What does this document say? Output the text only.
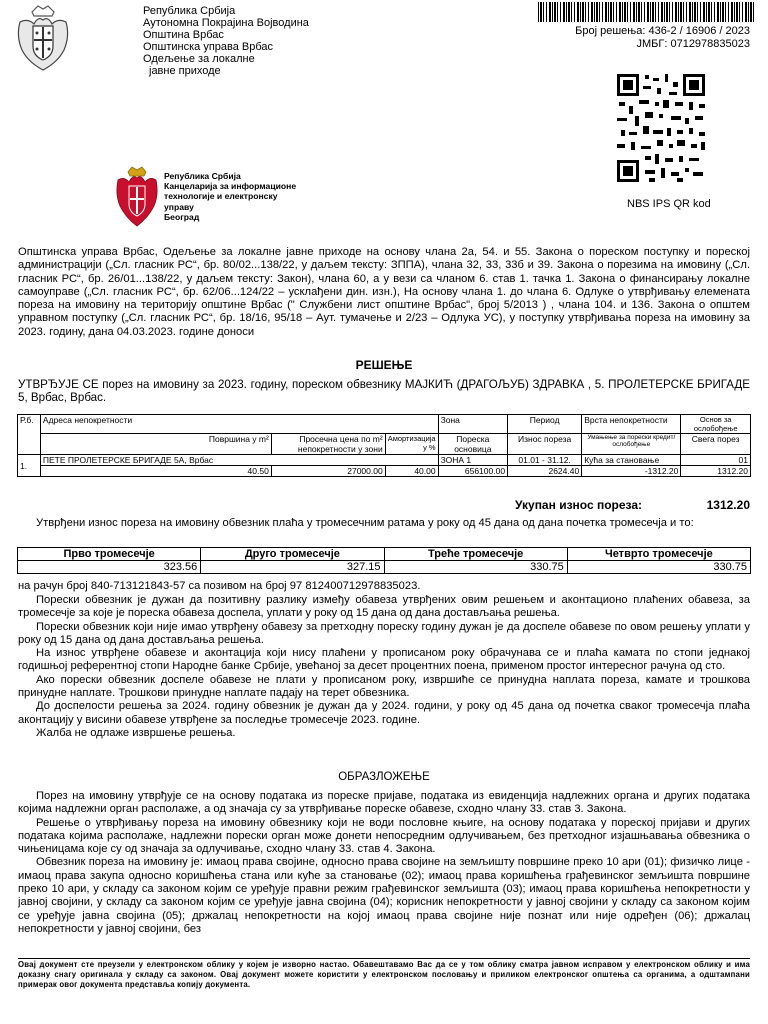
Република Србија
Аутономна Покрајина Војводина
Општина Врбас
Општинска управа Врбас
Одељење за локалне
јавне приходе
Број решења: 436-2 / 16906 / 2023
ЈМБГ: 0712978835023
NBS IPS QR kod
Република Србија
Канцеларија за информационе
технологије и електронску
управу
Београд
Општинска управа Врбас, Одељење за локалне јавне приходе на основу члана 2а, 54. и 55. Закона о пореском поступку и пореској администрацији („Сл. гласник РС“, бр. 80/02...138/22, у даљем тексту: ЗППА), члана 32, 33, 33б и 39. Закона о порезима на имовину („Сл. гласник РС“, бр. 26/01...138/22, у даљем тексту: Закон), члана 60, а у вези са чланом 6. став 1. тачка 1. Закона о финансирању локалне самоуправе („Сл. гласник РС“, бр. 62/06...124/22 – усклађени дин. изн.), На основу члана 1. до члана 6. Одлуке о утврђивању елемената пореза на имовину на територију општине Врбас (" Службени лист општине Врбас", број 5/2013 ) , члана 104. и 136. Закона о општем управном поступку („Сл. гласник РС“, бр. 18/16, 95/18 – Аут. тумачење и 2/23 – Одлука УС), у поступку утврђивања пореза на имовину за 2023. годину, дана 04.03.2023. године доноси
РЕШЕЊЕ
УТВРЂУЈЕ СЕ порез на имовину за 2023. годину, пореском обвезнику МАЈКИЋ (ДРАГОЉУБ) ЗДРАВКА , 5. ПРОЛЕТЕРСКЕ БРИГАДЕ 5, Врбас, Врбас.
Р.б.	Адреса непокретности			Зона	Период	Врста непокретности	Основ за ослобођење
	Површина у m²	Просечна цена по m² непокретности у зони	Амортизација у %	Пореска основица	Износ пореза	Умањење за порески кредит/ослобођење	Свега порез
1.	ПЕТЕ ПРОЛЕТЕРСКЕ БРИГАДЕ 5А, Врбас			ЗОНА 1	01.01 - 31.12.	Кућа за становање	01
	40.50	27000.00	40.00	656100.00	2624.40	-1312.20	1312.20
Укупан износ пореза:	1312.20
Утврђени износ пореза на имовину обвезник плаћа у тромесечним ратама у року од 45 дана од дана почетка тромесечја и то:
Прво тромесечје	Друго тромесечје	Треће тромесечје	Четврто тромесечје
323.56	327.15	330.75	330.75
на рачун број 840-713121843-57 са позивом на број 97 812400712978835023.
Порески обвезник је дужан да позитивну разлику између обавеза утврђених овим решењем и аконтационо плаћених обавеза, за тромесечје за које је пореска обавеза доспела, уплати у року од 15 дана од дана достављања решења.
Порески обвезник који није имао утврђену обавезу за претходну пореску годину дужан је да доспеле обавезе по овом решењу уплати у року од 15 дана од дана достављања решења.
На износ утврђене обавезе и аконтација који нису плаћени у прописаном року обрачунава се и плаћа камата по стопи једнакој годишњој референтној стопи Народне банке Србије, увећаној за десет процентних поена, применом простог интересног рачуна од сто.
Ако порески обвезник доспеле обавезе не плати у прописаном року, извршиће се принудна наплата пореза, камате и трошкова принудне наплате. Трошкови принудне наплате падају на терет обвезника.
До доспелости решења за 2024. годину обвезник је дужан да у 2024. години, у року од 45 дана од почетка сваког тромесечја плаћа аконтацију у висини обавезе утврђене за последње тромесечје 2023. године.
Жалба не одлаже извршење решења.
ОБРАЗЛОЖЕЊЕ
Порез на имовину утврђује се на основу података из пореске пријаве, података из евиденција надлежних органа и других података којима надлежни орган располаже, а од значаја су за утврђивање пореске обавезе, сходно члану 33. став 3. Закона.
Решење о утврђивању пореза на имовину обвезнику који не води пословне књиге, на основу података у пореској пријави и других података којима располаже, надлежни порески орган може донети непосредним одлучивањем, без претходног изјашњавања обвезника о чињеницама које су од значаја за одлучивање, сходно члану 33. став 4. Закона.
Обвезник пореза на имовину је: имаоц права својине, односно права својине на земљишту површине преко 10 ари (01); физичко лице - имаоц права закупа односно коришћења стана или куће за становање (02); имаоц права коришћења грађевинског земљишта површине преко 10 ари, у складу са законом којим се уређује правни режим грађевинског земљишта (03); имаоц права коришћења непокретности у јавној својини, у складу са законом којим се уређује јавна својина (04); корисник непокретности у јавној својини у складу са законом којим се уређује јавна својина (05); држалац непокретности на којој имаоц права својине није познат или није одређен (06); држалац непокретности у јавној својини, без
Овај документ сте преузели у електронском облику у којем је изворно настао. Обавештавамо Вас да се у том облику сматра јавном исправом у електронском облику и има доказну снагу оригинала у складу са законом. Овај документ можете користити у електронском пословању и приликом електронског општења са органима, а одштампани примерак овог документа представља копију документа.
